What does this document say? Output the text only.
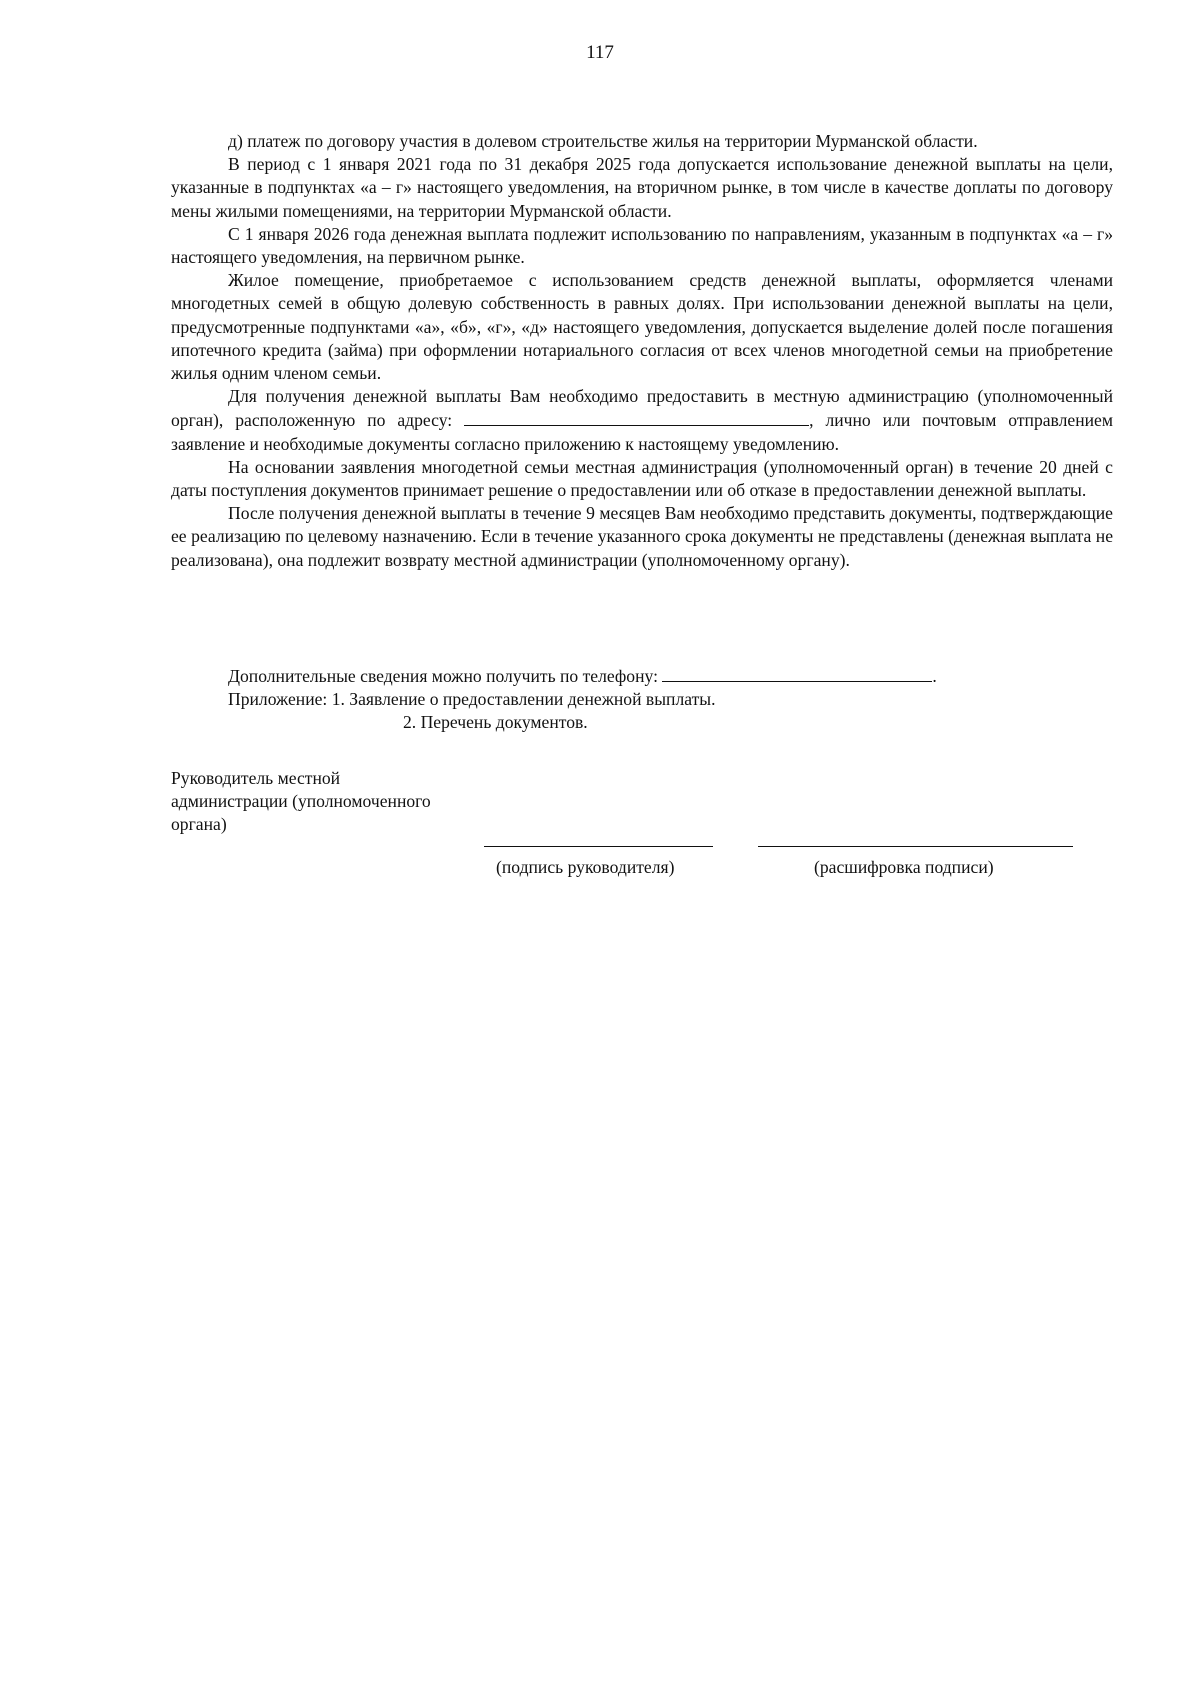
117

д) платеж по договору участия в долевом строительстве жилья на территории Мурманской области.

В период с 1 января 2021 года по 31 декабря 2025 года допускается использование денежной выплаты на цели, указанные в подпунктах «а – г» настоящего уведомления, на вторичном рынке, в том числе в качестве доплаты по договору мены жилыми помещениями, на территории Мурманской области.

С 1 января 2026 года денежная выплата подлежит использованию по направлениям, указанным в подпунктах «а – г» настоящего уведомления, на первичном рынке.

Жилое помещение, приобретаемое с использованием средств денежной выплаты, оформляется членами многодетных семей в общую долевую собственность в равных долях. При использовании денежной выплаты на цели, предусмотренные подпунктами «а», «б», «г», «д» настоящего уведомления, допускается выделение долей после погашения ипотечного кредита (займа) при оформлении нотариального согласия от всех членов многодетной семьи на приобретение жилья одним членом семьи.

Для получения денежной выплаты Вам необходимо предоставить в местную администрацию (уполномоченный орган), расположенную по адресу:	, лично или почтовым отправлением заявление и необходимые документы согласно приложению к настоящему уведомлению.

На основании заявления многодетной семьи местная администрация (уполномоченный орган) в течение 20 дней с даты поступления документов принимает решение о предоставлении или об отказе в предоставлении денежной выплаты.

После получения денежной выплаты в течение 9 месяцев Вам необходимо представить документы, подтверждающие ее реализацию по целевому назначению. Если в течение указанного срока документы не представлены (денежная выплата не реализована), она подлежит возврату местной администрации (уполномоченному органу).

Дополнительные сведения можно получить по телефону:	.

Приложение: 1. Заявление о предоставлении денежной выплаты.

2. Перечень документов.

Руководитель местной
администрации (уполномоченного
органа)
(подпись руководителя)	(расшифровка подписи)
